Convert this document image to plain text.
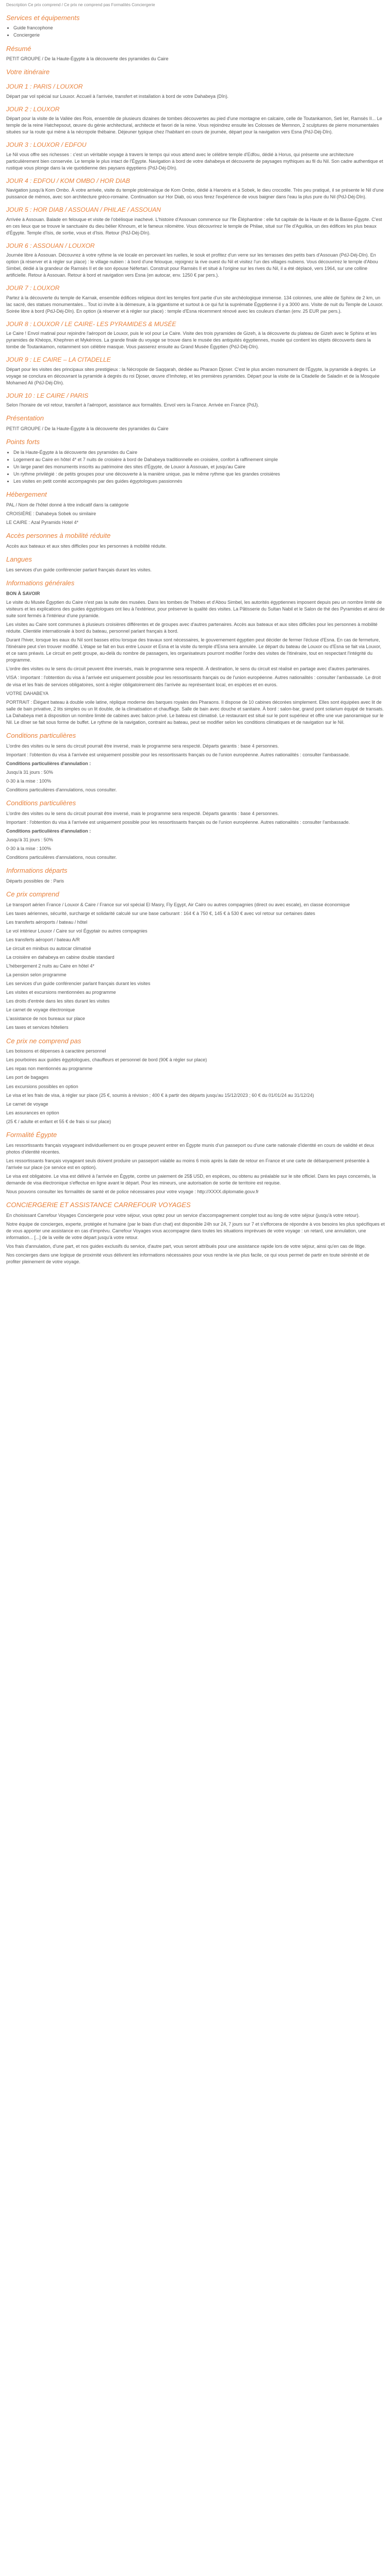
Description Ce prix comprend / Ce prix ne comprend pas Formalités Conciergerie

Services et équipements
• Guide francophone
• Conciergerie
Résumé

PETIT GROUPE / De la Haute-Égypte à la découverte des pyramides du Caire

Votre itinéraire
JOUR 1 : PARIS / LOUXOR

Départ par vol spécial sur Louxor. Accueil à l'arrivée, transfert et installation à bord de votre Dahabeya (Dîn).

JOUR 2 : LOUXOR

Départ pour la visite de la Vallée des Rois, ensemble de plusieurs dizaines de tombes découvertes au pied d'une montagne en calcaire, celle de Toutankamon, Seti Ier, Ramsès II... Le temple de la reine Hatchepsout, œuvre du génie architectural, architecte et favori de la reine. Vous rejoindrez ensuite les Colosses de Memnon, 2 sculptures de pierre monumentales situées sur la route qui mène à la nécropole thébaine. Déjeuner typique chez l'habitant en cours de journée, départ pour la navigation vers Esna (PdJ-Déj-Dîn).

JOUR 3 : LOUXOR / EDFOU

Le Nil vous offre ses richesses : c'est un véritable voyage à travers le temps qui vous attend avec le célèbre temple d'Edfou, dédié à Horus, qui présente une architecture particulièrement bien conservée. Le temple le plus intact de l'Égypte. Navigation à bord de votre dahabeya et découverte de paysages mythiques au fil du Nil. Son cadre authentique et rustique vous plonge dans la vie quotidienne des paysans égyptiens (PdJ-Déj-Dîn).

JOUR 4 : EDFOU / KOM OMBO / HOR DIAB

Navigation jusqu'à Kom Ombo. À votre arrivée, visite du temple ptolémaïque de Kom Ombo, dédié à Haroéris et à Sobek, le dieu crocodile. Très peu pratiqué, il se présente le Nil d'une puissance de mémos, avec son architecture gréco-romaine. Continuation sur Hor Diab, où vous ferez l'expérience de vous baigner dans l'eau la plus pure du Nil (PdJ-Déj-Dîn).

JOUR 5 : HOR DIAB / ASSOUAN / PHILAE / ASSOUAN

Arrivée à Assouan. Balade en felouque et visite de l'obélisque inachevé. L'histoire d'Assouan commence sur l'île Éléphantine : elle fut capitale de la Haute et de la Basse-Égypte. C'est en ces lieux que se trouve le sanctuaire du dieu bélier Khnoum, et le fameux nilomètre. Vous découvrirez le temple de Philae, situé sur l'île d'Aguilkia, un des édifices les plus beaux d'Égypte. Temple d'Isis, de sortie, vous et d'Isis. Retour (PdJ-Déj-Dîn).

JOUR 6 : ASSOUAN / LOUXOR

Journée libre à Assouan. Découvrez à votre rythme la vie locale en percevant les ruelles, le souk et profitez d'un verre sur les terrasses des petits bars d'Assouan (PdJ-Déj-Dîn). En option (à réserver et à régler sur place) : le village nubien : à bord d'une felouque, rejoignez la rive ouest du Nil et visitez l'un des villages nubiens. Vous découvrirez le temple d'Abou Simbel, dédié à la grandeur de Ramsès II et de son épouse Néfertari. Construit pour Ramsès II et situé à l'origine sur les rives du Nil, il a été déplacé, vers 1964, sur une colline artificielle. Retour à Assouan. Retour à bord et navigation vers Esna (en autocar, env. 1250 € par pers.).

JOUR 7 : LOUXOR

Partez à la découverte du temple de Karnak, ensemble édifices religieux dont les temples font partie d'un site archéologique immense. 134 colonnes, une allée de Sphinx de 2 km, un lac sacré, des statues monumentales... Tout ici invite à la démesure, à la gigantisme et surtout à ce qui fut la suprématie Égyptienne il y a 3000 ans. Visite de nuit du Temple de Louxor. Soirée libre à bord (PdJ-Déj-Dîn). En option (à réserver et à régler sur place) : temple d'Esna récemment rénové avec les couleurs d'antan (env. 25 EUR par pers.).

JOUR 8 : LOUXOR / LE CAIRE- LES PYRAMIDES & MUSÉE

Le Caire ! Envol matinal pour rejoindre l'aéroport de Louxor, puis le vol pour Le Caire. Visite des trois pyramides de Gizeh, à la découverte du plateau de Gizeh avec le Sphinx et les pyramides de Khéops, Khephren et Mykérinos. La grande finale du voyage se trouve dans le musée des antiquités égyptiennes, musée qui contient les objets découverts dans la tombe de Toutankamon, notamment son célèbre masque. Vous passerez ensuite au Grand Musée Égyptien (PdJ-Déj-Dîn).

JOUR 9 : LE CAIRE – LA CITADELLE

Départ pour les visites des principaux sites prestigieux : la Nécropole de Saqqarah, dédiée au Pharaon Djoser. C'est le plus ancien monument de l'Égypte, la pyramide à degrés. Le voyage se conclura en découvrant la pyramide à degrés du roi Djoser, œuvre d'Imhotep, et les premières pyramides. Départ pour la visite de la Citadelle de Saladin et de la Mosquée Mohamed Ali (PdJ-Déj-Dîn).

JOUR 10 : LE CAIRE / PARIS

Selon l'horaire de vol retour, transfert à l'aéroport, assistance aux formalités. Envol vers la France. Arrivée en France (PdJ).

Présentation

PETIT GROUPE / De la Haute-Égypte à la découverte des pyramides du Caire

Points forts
• De la Haute-Égypte à la découverte des pyramides du Caire
• Logement au Caire en hôtel 4* et 7 nuits de croisière à bord de Dahabeya traditionnelle en croisière, confort à raffinement simple
• Un large panel des monuments inscrits au patrimoine des sites d'Égypte, de Louxor à Assouan, et jusqu'au Caire
• Un rythme privilégié : de petits groupes pour une découverte à la manière unique, pas le même rythme que les grandes croisières
• Les visites en petit comité accompagnés par des guides égyptologues passionnés
Hébergement

PAL / Nom de l'hôtel donné à titre indicatif dans la catégorie

CROISIÈRE : Dahabeya Sobek ou similaire

LE CAIRE : Azal Pyramids Hotel 4*

Accès personnes à mobilité réduite

Accès aux bateaux et aux sites difficiles pour les personnes à mobilité réduite.

Langues

Les services d'un guide conférencier parlant français durant les visites.

Informations générales

BON À SAVOIR

Le visite du Musée Égyptien du Caire n'est pas la suite des musées. Dans les tombes de Thèbes et d'Abou Simbel, les autorités égyptiennes imposent depuis peu un nombre limité de visiteurs et les explications des guides égyptologues ont lieu à l'extérieur, pour préserver la qualité des visites. La Pâtisserie du Sultan Nabil et le Salon de thé des Pyramides et ainsi de suite sont fermés à l'intérieur d'une pyramide.

Les visites au Caire sont communes à plusieurs croisières différentes et de groupes avec d'autres partenaires. Accès aux bateaux et aux sites difficiles pour les personnes à mobilité réduite. Clientèle internationale à bord du bateau, personnel parlant français à bord.

Durant l'hiver, lorsque les eaux du Nil sont basses et/ou lorsque des travaux sont nécessaires, le gouvernement égyptien peut décider de fermer l'écluse d'Esna. En cas de fermeture, l'itinéraire peut s'en trouver modifié. L'étape se fait en bus entre Louxor et Esna et la visite du temple d'Esna sera annulée. Le départ du bateau de Louxor ou d'Esna se fait via Louxor, et ce sans préavis. Le circuit en petit groupe, au-delà du nombre de passagers, les organisateurs pourront modifier l'ordre des visites de l'itinéraire, tout en respectant l'intégrité du programme.

L'ordre des visites ou le sens du circuit peuvent être inversés, mais le programme sera respecté. À destination, le sens du circuit est réalisé en partage avec d'autres partenaires.

VISA : Important : l'obtention du visa à l'arrivée est uniquement possible pour les ressortissants français ou de l'union européenne. Autres nationalités : consulter l'ambassade. Le droit de visa et les frais de services obligatoires, sont à régler obligatoirement dès l'arrivée au représentant local, en espèces et en euros.

VOTRE DAHABEYA

PORTRAIT : Élégant bateau à double voile latine, réplique moderne des barques royales des Pharaons. Il dispose de 10 cabines décorées simplement. Elles sont équipées avec lit de salle de bain privative, 2 lits simples ou un lit double, de la climatisation et chauffage. Salle de bain avec douche et sanitaire. À bord : salon-bar, grand pont solarium équipé de transats. La Dahabeya met à disposition un nombre limité de cabines avec balcon privé. Le bateau est climatisé. Le restaurant est situé sur le pont supérieur et offre une vue panoramique sur le Nil. Le dîner se fait sous forme de buffet. Le rythme de la navigation, contraint au bateau, peut se modifier selon les conditions climatiques et de navigation sur le Nil.

Conditions particulières

L'ordre des visites ou le sens du circuit pourrait être inversé, mais le programme sera respecté. Départs garantis : base 4 personnes.

Important : l'obtention du visa à l'arrivée est uniquement possible pour les ressortissants français ou de l'union européenne. Autres nationalités : consulter l'ambassade.

Conditions particulières d'annulation :

Jusqu'à 31 jours : 50%

0-30 à la mise : 100%

Conditions particulières d'annulations, nous consulter.

Conditions particulières

L'ordre des visites ou le sens du circuit pourrait être inversé, mais le programme sera respecté. Départs garantis : base 4 personnes.

Important : l'obtention du visa à l'arrivée est uniquement possible pour les ressortissants français ou de l'union européenne. Autres nationalités : consulter l'ambassade.

Conditions particulières d'annulation :

Jusqu'à 31 jours : 50%

0-30 à la mise : 100%

Conditions particulières d'annulations, nous consulter.

Informations départs

Départs possibles de : Paris

Ce prix comprend

Le transport aérien France / Louxor & Caire / France sur vol spécial El Masry, Fly Egypt, Air Cairo ou autres compagnies (direct ou avec escale), en classe économique

Les taxes aériennes, sécurité, surcharge et solidarité calculé sur une base carburant : 164 € à 750 €, 145 € à 530 € avec vol retour sur certaines dates

Les transferts aéroports / bateau / hôtel

Le vol intérieur Louxor / Caire sur vol Égyptair ou autres compagnies

Les transferts aéroport / bateau A/R

Le circuit en minibus ou autocar climatisé

La croisière en dahabeya en cabine double standard

L'hébergement 2 nuits au Caire en hôtel 4*

La pension selon programme

Les services d'un guide conférencier parlant français durant les visites

Les visites et excursions mentionnées au programme

Les droits d'entrée dans les sites durant les visites

Le carnet de voyage électronique

L'assistance de nos bureaux sur place

Les taxes et services hôteliers

Ce prix ne comprend pas

Les boissons et dépenses à caractère personnel

Les pourboires aux guides égyptologues, chauffeurs et personnel de bord (90€ à régler sur place)

Les repas non mentionnés au programme

Les port de bagages

Les excursions possibles en option

Le visa et les frais de visa, à régler sur place (25 €, soumis à révision ; 400 € à partir des départs jusqu'au 15/12/2023 ; 60 € du 01/01/24 au 31/12/24)

Le carnet de voyage

Les assurances en option

(25 € / adulte et enfant et 55 € de frais si sur place)

Formalité Égypte

Les ressortissants français voyageant individuellement ou en groupe peuvent entrer en Égypte munis d'un passeport ou d'une carte nationale d'identité en cours de validité et deux photos d'identité récentes.

Les ressortissants français voyageant seuls doivent produire un passeport valable au moins 6 mois après la date de retour en France et une carte de débarquement présentée à l'arrivée sur place (ce service est en option).

Le visa est obligatoire. Le visa est délivré à l'arrivée en Égypte, contre un paiement de 25$ USD, en espèces, ou obtenu au préalable sur le site officiel. Dans les pays concernés, la demande de visa électronique s'effectue en ligne avant le départ. Pour les mineurs, une autorisation de sortie de territoire est requise.

Nous pouvons consulter les formalités de santé et de police nécessaires pour votre voyage : http://XXXX.diplomatie.gouv.fr

CONCIERGERIE ET ASSISTANCE CARREFOUR VOYAGES

En choisissant Carrefour Voyages Conciergerie pour votre séjour, vous optez pour un service d'accompagnement complet tout au long de votre séjour (jusqu'à votre retour).

Notre équipe de concierges, experte, protégée et humaine (par le biais d'un chat) est disponible 24h sur 24, 7 jours sur 7 et s'efforcera de répondre à vos besoins les plus spécifiques et de vous apporter une assistance en cas d'imprévu. Carrefour Voyages vous accompagne dans toutes les situations imprévues de votre voyage : un retard, une annulation, une information... [...] de la veille de votre départ jusqu'à votre retour.

Vos frais d'annulation, d'une part, et nos guides exclusifs du service, d'autre part, vous seront attribués pour une assistance rapide lors de votre séjour, ainsi qu'en cas de litige.

Nos concierges dans une logique de proximité vous délivrent les informations nécessaires pour vous rendre la vie plus facile, ce qui vous permet de partir en toute sérénité et de profiter pleinement de votre voyage.
